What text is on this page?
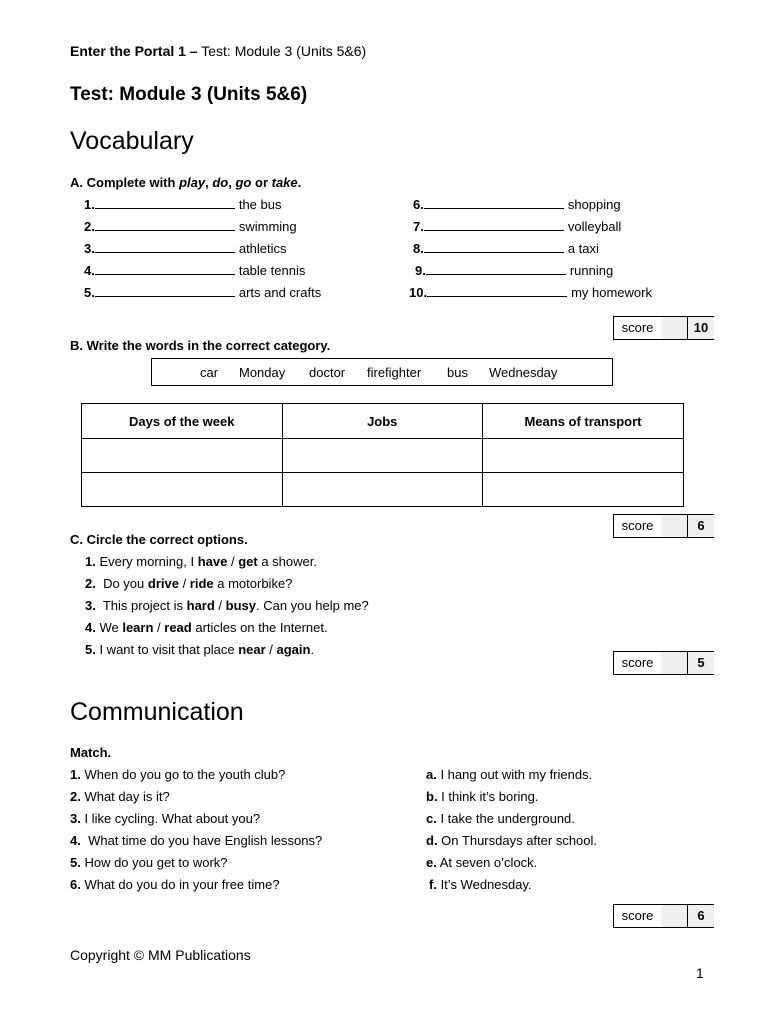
Enter the Portal 1 – Test: Module 3 (Units 5&6)
Test: Module 3 (Units 5&6)
Vocabulary
A. Complete with play, do, go or take.
1.	the bus
2.	swimming
3.	athletics
4.	table tennis
5.	arts and crafts
6.	shopping
7.	volleyball
8.	a taxi
9.	running
10.	my homework
score	10
B. Write the words in the correct category.
car Monday doctor firefighter bus Wednesday
Days of the week	Jobs	Means of transport

score	6
C. Circle the correct options.
1. Every morning, I have / get a shower.
2.  Do you drive / ride a motorbike?
3.  This project is hard / busy. Can you help me?
4. We learn / read articles on the Internet.
5. I want to visit that place near / again.
score	5
Communication
Match.
1. When do you go to the youth club?
2. What day is it?
3. I like cycling. What about you?
4.  What time do you have English lessons?
5. How do you get to work?
6. What do you do in your free time?
a. I hang out with my friends.
b. I think it’s boring.
c. I take the underground.
d. On Thursdays after school.
e. At seven o’clock.
f. It’s Wednesday.
score	6
Copyright © MM Publications
1
